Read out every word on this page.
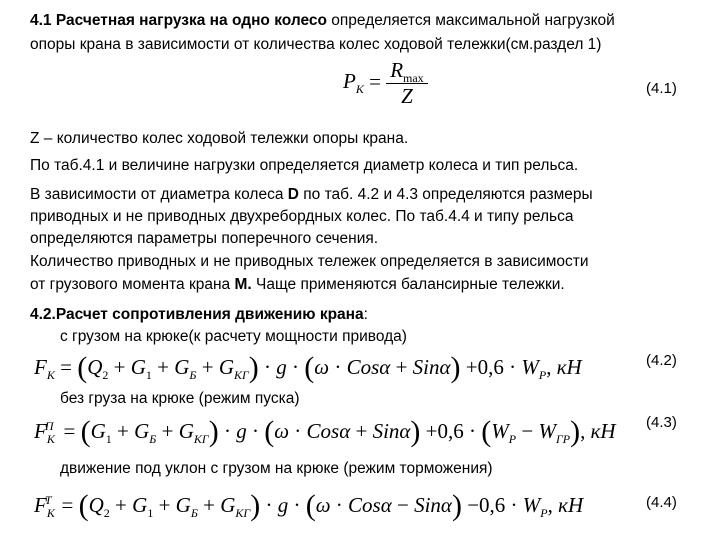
4.1 Расчетная нагрузка на одно колесо определяется максимальной нагрузкой
опоры крана в зависимости от количества колес ходовой тележки(см.раздел 1)
$P_K = \frac{R_{max}}{Z}$	(4.1)
Z – количество колес ходовой тележки опоры крана.
По таб.4.1 и величине нагрузки определяется диаметр колеса и тип рельса.
В зависимости от диаметра колеса D по таб. 4.2 и 4.3 определяются размеры
приводных и не приводных двухребордных колес. По таб.4.4 и типу рельса
определяются параметры поперечного сечения.
Количество приводных и не приводных тележек определяется в зависимости
от грузового момента крана М. Чаще применяются балансирные тележки.
4.2.Расчет сопротивления движению крана:
с грузом на крюке(к расчету мощности привода)
$F_K = (Q_2 + G_1 + G_Б + G_{КГ}) \cdot g \cdot (\omega \cdot Cos\alpha + Sin\alpha) +0,6 \cdot W_P$, кН	(4.2)
без груза на крюке (режим пуска)
$F_K^П = (G_1 + G_Б + G_{КГ}) \cdot g \cdot (\omega \cdot Cos\alpha + Sin\alpha) +0,6 \cdot (W_P - W_{ГР})$, кН (4.3)
движение под уклон с грузом на крюке (режим торможения)
$F_K^T = (Q_2 + G_1 + G_Б + G_{КГ}) \cdot g \cdot (\omega \cdot Cos\alpha - Sin\alpha) -0,6 \cdot W_P$, кН	(4.4)
